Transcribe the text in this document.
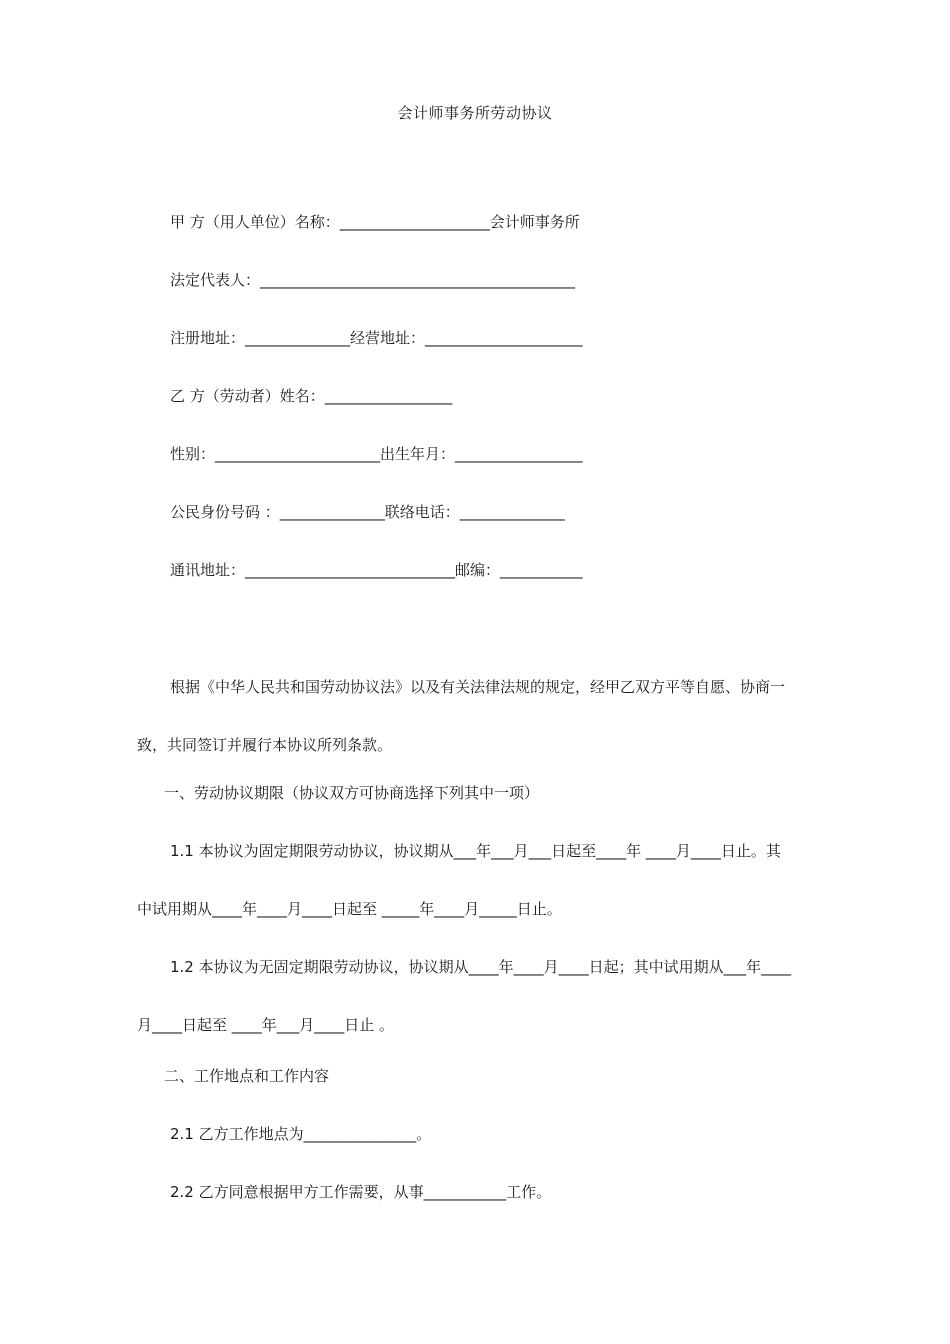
会计师事务所劳动协议
甲 方（用人单位）名称：____________________会计师事务所
法定代表人：__________________________________________
注册地址：______________经营地址：_____________________
乙 方（劳动者）姓名：_________________
性别：______________________出生年月：_________________
公民身份号码 ：______________联络电话：______________
通讯地址：____________________________邮编：___________
根据《中华人民共和国劳动协议法》以及有关法律法规的规定，经甲乙双方平等自愿、协商一
致，共同签订并履行本协议所列条款。
一、劳动协议期限（协议双方可协商选择下列其中一项）
1.1 本协议为固定期限劳动协议，协议期从___年___月___日起至____年 ____月____日止。其
中试用期从____年____月____日起至 _____年____月_____日止。
1.2 本协议为无固定期限劳动协议，协议期从____年____月____日起；其中试用期从___年____
月____日起至 ____年___月____日止 。
二、工作地点和工作内容
2.1 乙方工作地点为_______________。
2.2 乙方同意根据甲方工作需要，从事___________工作。
